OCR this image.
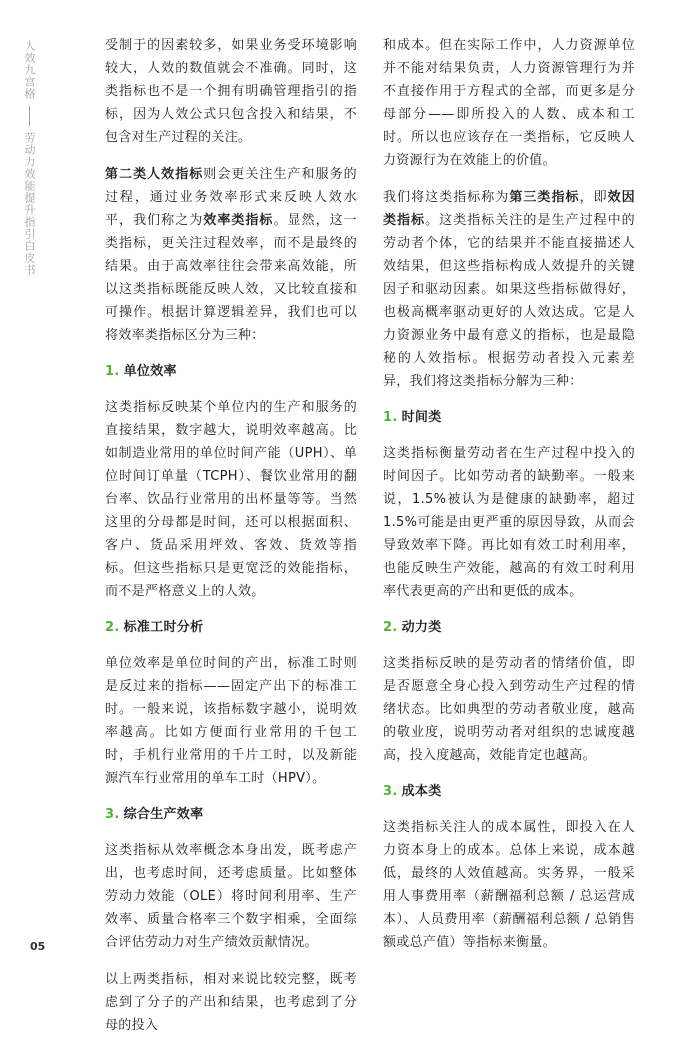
人效九宫格
劳动力效能提升指引白皮书

受制于的因素较多，如果业务受环境影响较大，人效的数值就会不准确。同时，这类指标也不是一个拥有明确管理指引的指标，因为人效公式只包含投入和结果，不包含对生产过程的关注。

第二类人效指标则会更关注生产和服务的过程，通过业务效率形式来反映人效水平，我们称之为效率类指标。显然，这一类指标，更关注过程效率，而不是最终的结果。由于高效率往往会带来高效能，所以这类指标既能反映人效，又比较直接和可操作。根据计算逻辑差异，我们也可以将效率类指标区分为三种：

1. 单位效率

这类指标反映某个单位内的生产和服务的直接结果，数字越大，说明效率越高。比如制造业常用的单位时间产能（UPH）、单位时间订单量（TCPH）、餐饮业常用的翻台率、饮品行业常用的出杯量等等。当然这里的分母都是时间，还可以根据面积、客户、货品采用坪效、客效、货效等指标。但这些指标只是更宽泛的效能指标，而不是严格意义上的人效。

2. 标准工时分析

单位效率是单位时间的产出，标准工时则是反过来的指标——固定产出下的标准工时。一般来说，该指标数字越小，说明效率越高。比如方便面行业常用的千包工时，手机行业常用的千片工时，以及新能源汽车行业常用的单车工时（HPV）。

3. 综合生产效率

这类指标从效率概念本身出发，既考虑产出，也考虑时间，还考虑质量。比如整体劳动力效能（OLE）将时间利用率、生产效率、质量合格率三个数字相乘，全面综合评估劳动力对生产绩效贡献情况。

以上两类指标，相对来说比较完整，既考虑到了分子的产出和结果，也考虑到了分母的投入

和成本。但在实际工作中，人力资源单位并不能对结果负责，人力资源管理行为并不直接作用于方程式的全部，而更多是分母部分——即所投入的人数、成本和工时。所以也应该存在一类指标，它反映人力资源行为在效能上的价值。

我们将这类指标称为第三类指标，即效因类指标。这类指标关注的是生产过程中的劳动者个体，它的结果并不能直接描述人效结果，但这些指标构成人效提升的关键因子和驱动因素。如果这些指标做得好，也极高概率驱动更好的人效达成。它是人力资源业务中最有意义的指标，也是最隐秘的人效指标。根据劳动者投入元素差异，我们将这类指标分解为三种：

1. 时间类

这类指标衡量劳动者在生产过程中投入的时间因子。比如劳动者的缺勤率。一般来说，1.5%被认为是健康的缺勤率，超过1.5%可能是由更严重的原因导致，从而会导致效率下降。再比如有效工时利用率，也能反映生产效能，越高的有效工时利用率代表更高的产出和更低的成本。

2. 动力类

这类指标反映的是劳动者的情绪价值，即是否愿意全身心投入到劳动生产过程的情绪状态。比如典型的劳动者敬业度，越高的敬业度，说明劳动者对组织的忠诚度越高，投入度越高，效能肯定也越高。

3. 成本类

这类指标关注人的成本属性，即投入在人力资本身上的成本。总体上来说，成本越低，最终的人效值越高。实务界，一般采用人事费用率（薪酬福利总额 / 总运营成本）、人员费用率（薪酬福利总额 / 总销售额或总产值）等指标来衡量。

05
